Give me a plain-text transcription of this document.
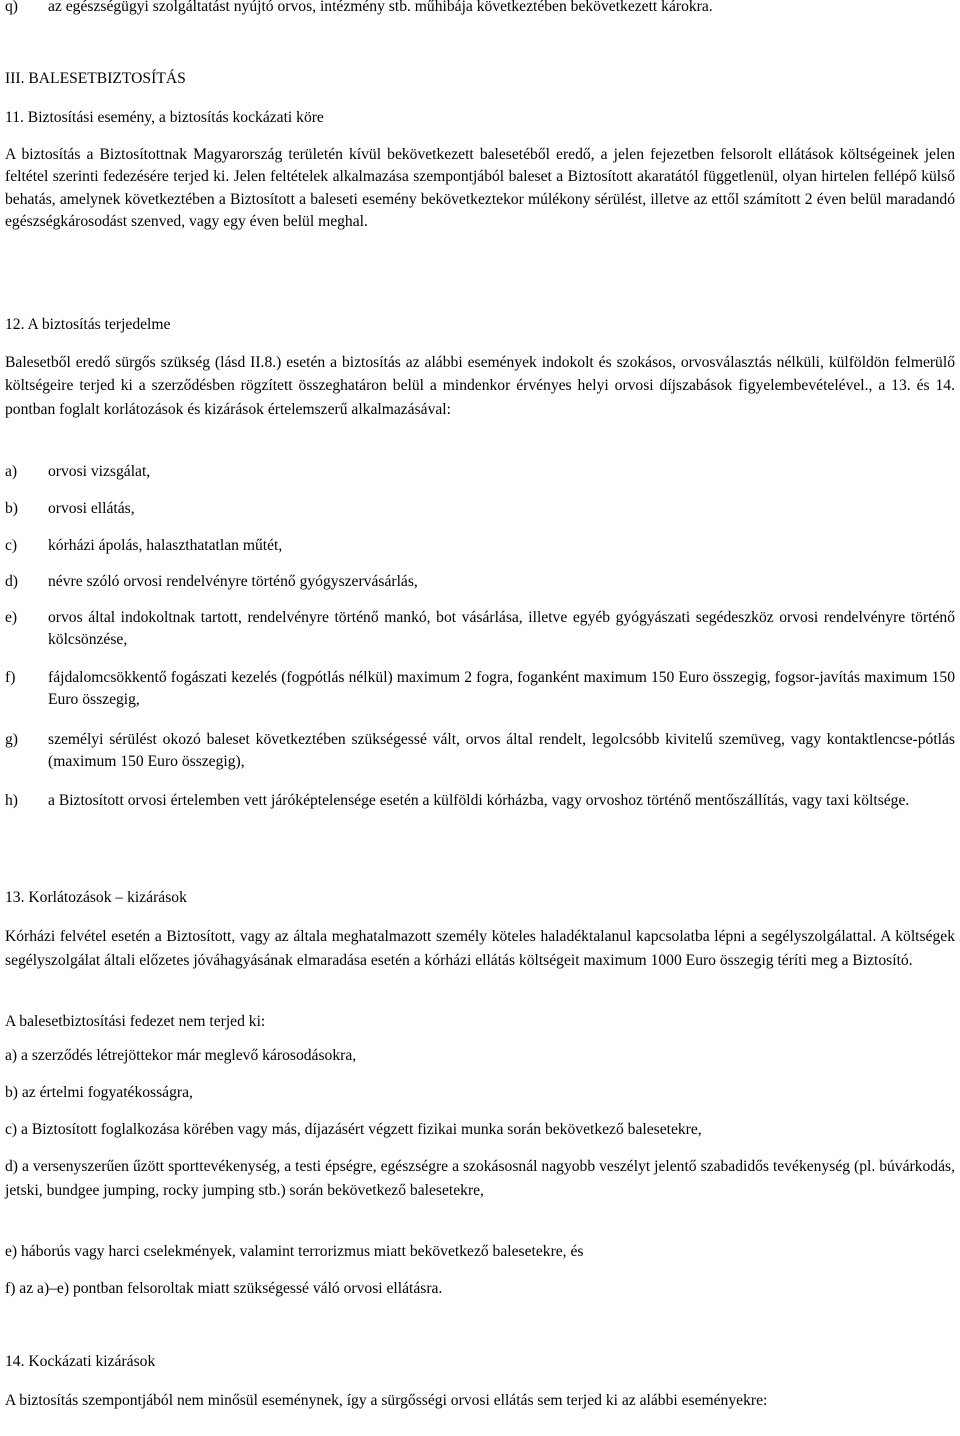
q)	az egészségügyi szolgáltatást nyújtó orvos, intézmény stb. műhibája következtében bekövetkezett károkra.
III. BALESETBIZTOSÍTÁS
11. Biztosítási esemény, a biztosítás kockázati köre
A biztosítás a Biztosítottnak Magyarország területén kívül bekövetkezett balesetéből eredő, a jelen fejezetben felsorolt ellátások költségeinek jelen feltétel szerinti fedezésére terjed ki. Jelen feltételek alkalmazása szempontjából baleset a Biztosított akaratától függetlenül, olyan hirtelen fellépő külső behatás, amelynek következtében a Biztosított a baleseti esemény bekövetkeztekor múlékony sérülést, illetve az ettől számított 2 éven belül maradandó egészségkárosodást szenved, vagy egy éven belül meghal.
12. A biztosítás terjedelme
Balesetből eredő sürgős szükség (lásd II.8.) esetén a biztosítás az alábbi események indokolt és szokásos, orvosválasztás nélküli, külföldön felmerülő költségeire terjed ki a szerződésben rögzített összeghatáron belül a mindenkor érvényes helyi orvosi díjszabások figyelembevételével., a 13. és 14. pontban foglalt korlátozások és kizárások értelemszerű alkalmazásával:
a)	orvosi vizsgálat,
b)	orvosi ellátás,
c)	kórházi ápolás, halaszthatatlan műtét,
d)	névre szóló orvosi rendelvényre történő gyógyszervásárlás,
e)	orvos által indokoltnak tartott, rendelvényre történő mankó, bot vásárlása, illetve egyéb gyógyászati segédeszköz orvosi rendelvényre történő kölcsönzése,
f)	fájdalomcsökkentő fogászati kezelés (fogpótlás nélkül) maximum 2 fogra, foganként maximum 150 Euro összegig, fogsor-javítás maximum 150 Euro összegig,
g)	személyi sérülést okozó baleset következtében szükségessé vált, orvos által rendelt, legolcsóbb kivitelű szemüveg, vagy kontaktlencse-pótlás (maximum 150 Euro összegig),
h)	a Biztosított orvosi értelemben vett járóképtelensége esetén a külföldi kórházba, vagy orvoshoz történő mentőszállítás, vagy taxi költsége.
13. Korlátozások – kizárások
Kórházi felvétel esetén a Biztosított, vagy az általa meghatalmazott személy köteles haladéktalanul kapcsolatba lépni a segélyszolgálattal. A költségek segélyszolgálat általi előzetes jóváhagyásának elmaradása esetén a kórházi ellátás költségeit maximum 1000 Euro összegig téríti meg a Biztosító.
A balesetbiztosítási fedezet nem terjed ki:
a) a szerződés létrejöttekor már meglevő károsodásokra,
b) az értelmi fogyatékosságra,
c) a Biztosított foglalkozása körében vagy más, díjazásért végzett fizikai munka során bekövetkező balesetekre,
d) a versenyszerűen űzött sporttevékenység, a testi épségre, egészségre a szokásosnál nagyobb veszélyt jelentő szabadidős tevékenység (pl. búvárkodás, jetski, bundgee jumping, rocky jumping stb.) során bekövetkező balesetekre,
e) háborús vagy harci cselekmények, valamint terrorizmus miatt bekövetkező balesetekre, és
f) az a)–e) pontban felsoroltak miatt szükségessé váló orvosi ellátásra.
14. Kockázati kizárások
A biztosítás szempontjából nem minősül eseménynek, így a sürgősségi orvosi ellátás sem terjed ki az alábbi eseményekre:
